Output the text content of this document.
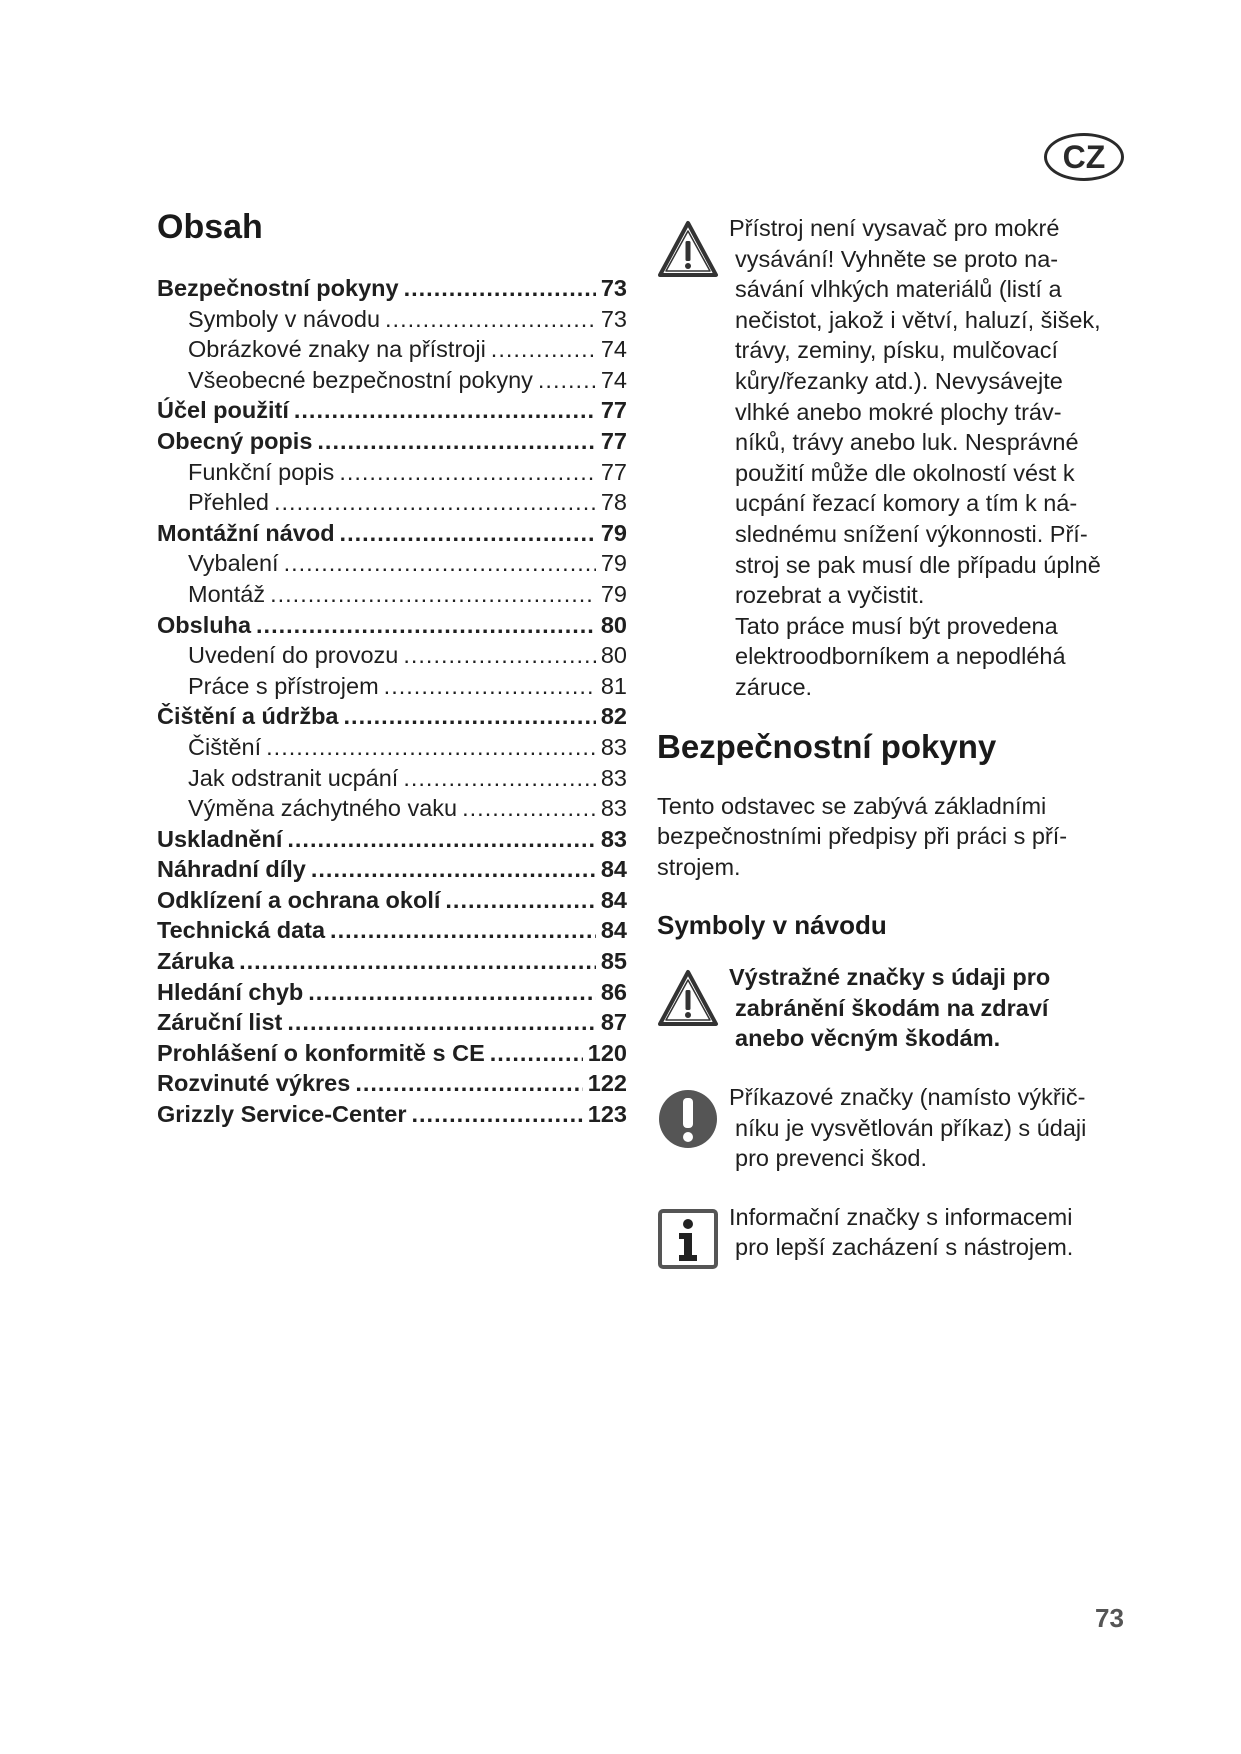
CZ
Obsah
Bezpečnostní pokyny .....	73
Symboly v návodu .....	73
Obrázkové znaky na přístroji .....	74
Všeobecné bezpečnostní pokyny .....	74
Účel použití .....	77
Obecný popis .....	77
Funkční popis .....	77
Přehled .....	78
Montážní návod .....	79
Vybalení .....	79
Montáž .....	79
Obsluha .....	80
Uvedení do provozu .....	80
Práce s přístrojem .....	81
Čištění a údržba .....	82
Čištění .....	83
Jak odstranit ucpání .....	83
Výměna záchytného vaku .....	83
Uskladnění .....	83
Náhradní díly .....	84
Odklízení a ochrana okolí .....	84
Technická data .....	84
Záruka .....	85
Hledání chyb .....	86
Záruční list .....	87
Prohlášení o konformitě s CE .....	120
Rozvinuté výkres .....	122
Grizzly Service-Center .....	123
Přístroj není vysavač pro mokré
vysávání! Vyhněte se proto na-
sávání vlhkých materiálů (listí a
nečistot, jakož i větví, haluzí, šišek,
trávy, zeminy, písku, mulčovací
kůry/řezanky atd.). Nevysávejte
vlhké anebo mokré plochy tráv-
níků, trávy anebo luk. Nesprávné
použití může dle okolností vést k
ucpání řezací komory a tím k ná-
slednému snížení výkonnosti. Pří-
stroj se pak musí dle případu úplně
rozebrat a vyčistit.
Tato práce musí být provedena
elektroodborníkem a nepodléhá
záruce.
Bezpečnostní pokyny
Tento odstavec se zabývá základními
bezpečnostními předpisy při práci s pří-
strojem.
Symboly v návodu
Výstražné značky s údaji pro
zabránění škodám na zdraví
anebo věcným škodám.
Příkazové značky (namísto výkřič-
níku je vysvětlován příkaz) s údaji
pro prevenci škod.
Informační značky s informacemi
pro lepší zacházení s nástrojem.
73
